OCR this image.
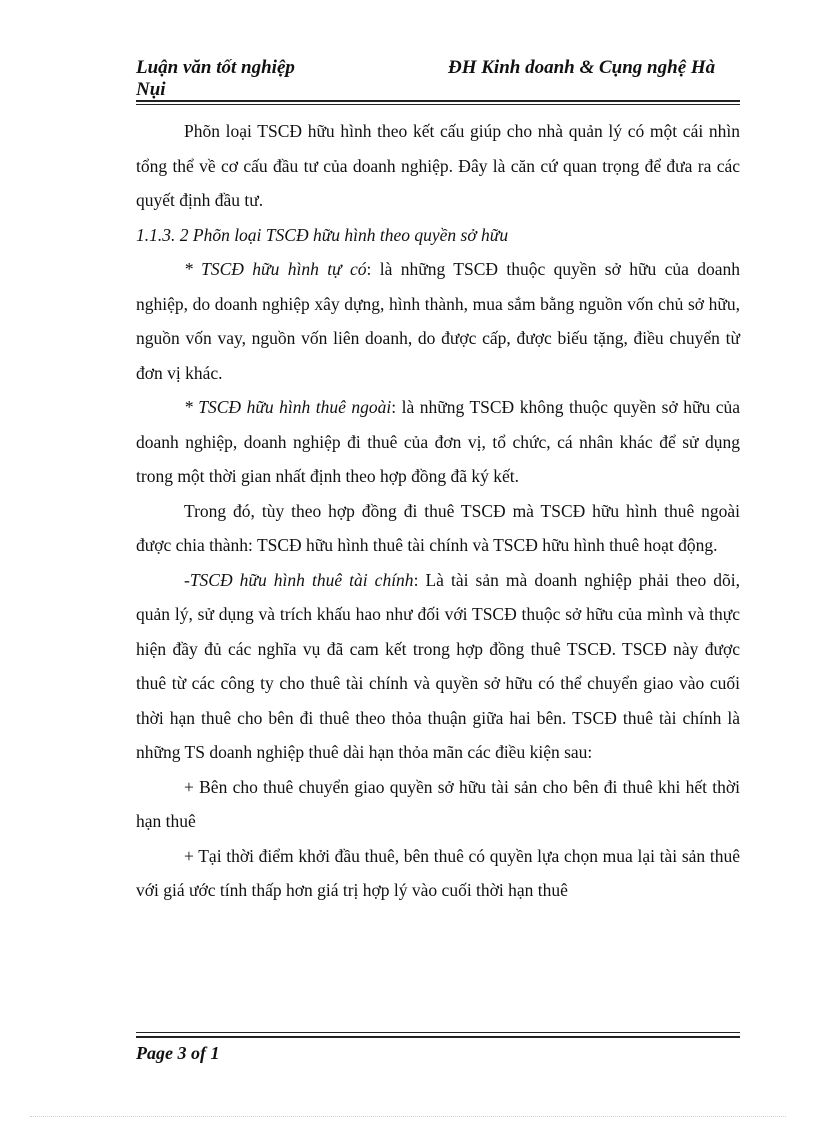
Luận văn tốt nghiệp
Nụi
ĐH Kinh doanh & Cụng nghệ Hà

Phõn loại TSCĐ hữu hình theo kết cấu giúp cho nhà quản lý có một cái nhìn tổng thể về cơ cấu đầu tư của doanh nghiệp. Đây là căn cứ quan trọng để đưa ra các quyết định đầu tư.

1.1.3. 2 Phõn loại TSCĐ hữu hình theo quyền sở hữu

* TSCĐ hữu hình tự có: là những TSCĐ thuộc quyền sở hữu của doanh nghiệp, do doanh nghiệp xây dựng, hình thành, mua sắm bằng nguồn vốn chủ sở hữu, nguồn vốn vay, nguồn vốn liên doanh, do được cấp, được biếu tặng, điều chuyển từ đơn vị khác.

* TSCĐ hữu hình thuê ngoài: là những TSCĐ không thuộc quyền sở hữu của doanh nghiệp, doanh nghiệp đi thuê của đơn vị, tổ chức, cá nhân khác để sử dụng trong một thời gian nhất định theo hợp đồng đã ký kết.

Trong đó, tùy theo hợp đồng đi thuê TSCĐ mà TSCĐ hữu hình thuê ngoài được chia thành: TSCĐ hữu hình thuê tài chính và TSCĐ hữu hình thuê hoạt động.

-TSCĐ hữu hình thuê tài chính: Là tài sản mà doanh nghiệp phải theo dõi, quản lý, sử dụng và trích khấu hao như đối với TSCĐ thuộc sở hữu của mình và thực hiện đầy đủ các nghĩa vụ đã cam kết trong hợp đồng thuê TSCĐ. TSCĐ này được thuê từ các công ty cho thuê tài chính và quyền sở hữu có thể chuyển giao vào cuối thời hạn thuê cho bên đi thuê theo thỏa thuận giữa hai bên. TSCĐ thuê tài chính là những TS doanh nghiệp thuê dài hạn thỏa mãn các điều kiện sau:

+ Bên cho thuê chuyển giao quyền sở hữu tài sản cho bên đi thuê khi hết thời hạn thuê

+ Tại thời điểm khởi đầu thuê, bên thuê có quyền lựa chọn mua lại tài sản thuê với giá ước tính thấp hơn giá trị hợp lý vào cuối thời hạn thuê

Page 3 of 1
